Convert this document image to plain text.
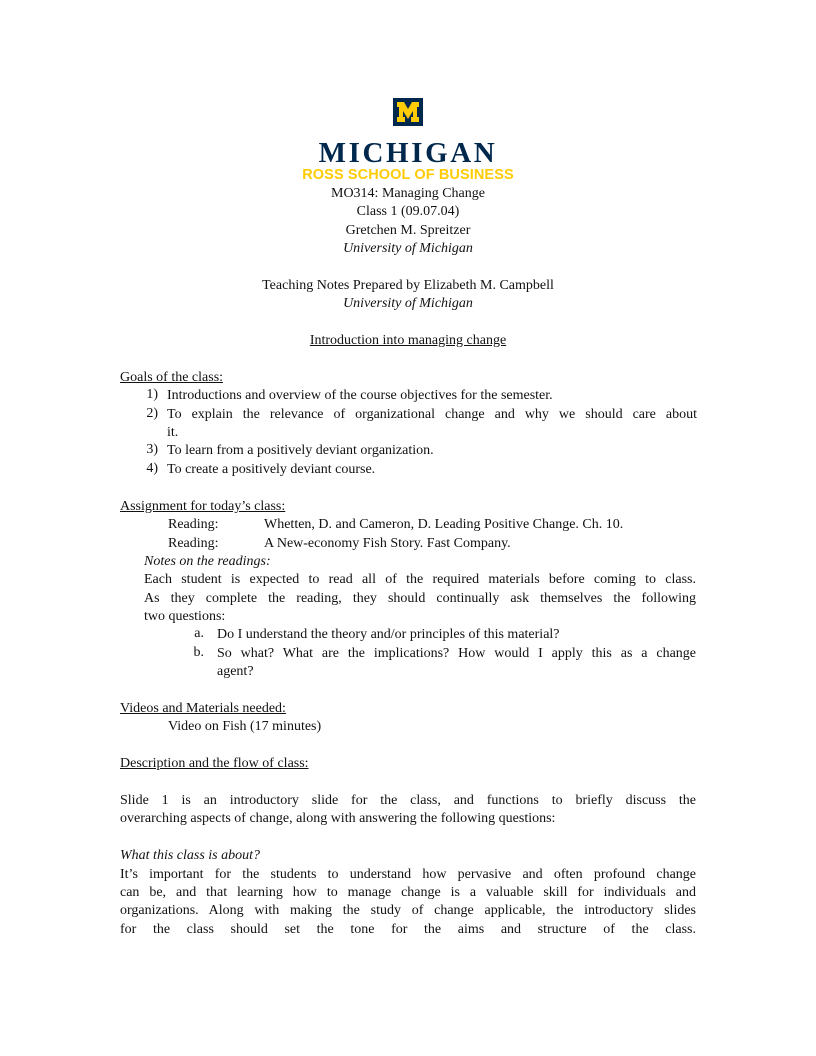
MICHIGAN
ROSS SCHOOL OF BUSINESS
MO314: Managing Change
Class 1 (09.07.04)
Gretchen M. Spreitzer
University of Michigan
Teaching Notes Prepared by Elizabeth M. Campbell
University of Michigan
Introduction into managing change
Goals of the class:
1) Introductions and overview of the course objectives for the semester.
2) To explain the relevance of organizational change and why we should care about
it.
3) To learn from a positively deviant organization.
4) To create a positively deviant course.
Assignment for today’s class:
Reading:	Whetten, D. and Cameron, D. Leading Positive Change. Ch. 10.
Reading:	A New-economy Fish Story. Fast Company.
Notes on the readings:
Each student is expected to read all of the required materials before coming to class.
As they complete the reading, they should continually ask themselves the following
two questions:
a. Do I understand the theory and/or principles of this material?
b. So what? What are the implications? How would I apply this as a change
agent?
Videos and Materials needed:
Video on Fish (17 minutes)
Description and the flow of class:
Slide 1 is an introductory slide for the class, and functions to briefly discuss the
overarching aspects of change, along with answering the following questions:
What this class is about?
It’s important for the students to understand how pervasive and often profound change
can be, and that learning how to manage change is a valuable skill for individuals and
organizations. Along with making the study of change applicable, the introductory slides
for the class should set the tone for the aims and structure of the class.
